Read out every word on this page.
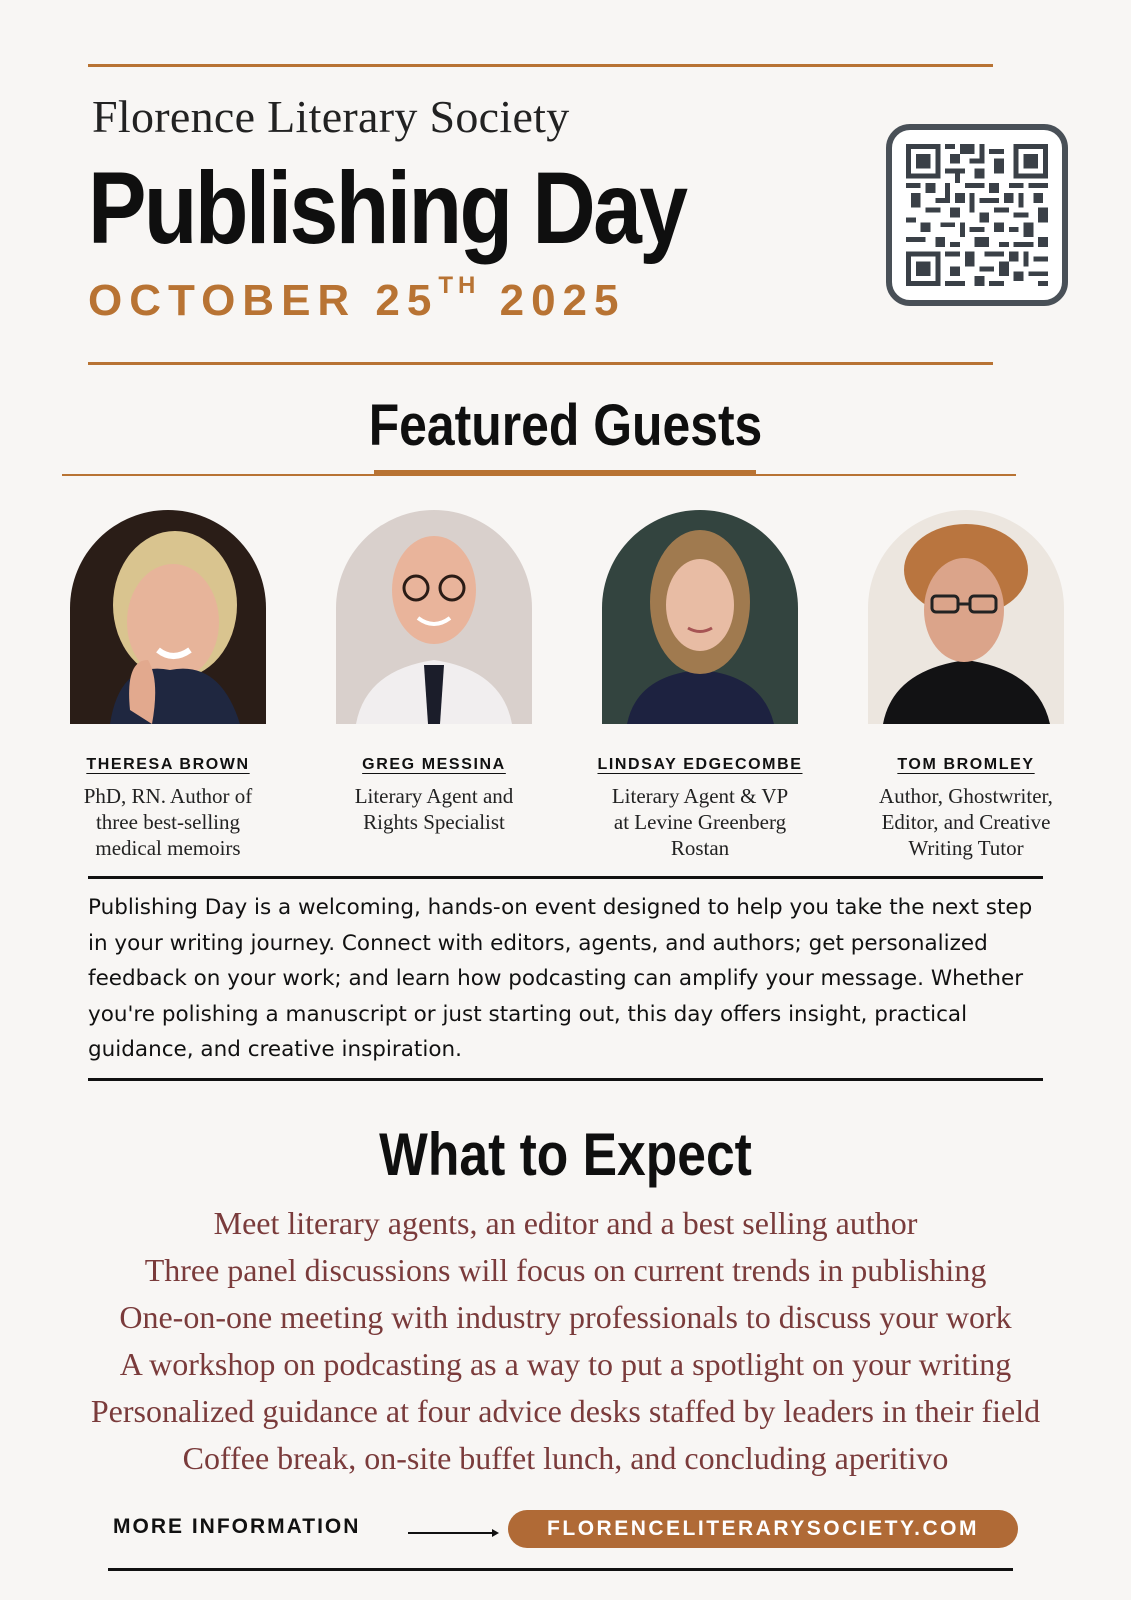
Florence Literary Society
Publishing Day
OCTOBER 25TH 2025
Featured Guests
THERESA BROWN
PhD, RN. Author of
three best-selling
medical memoirs
GREG MESSINA
Literary Agent and
Rights Specialist
LINDSAY EDGECOMBE
Literary Agent & VP
at Levine Greenberg
Rostan
TOM BROMLEY
Author, Ghostwriter,
Editor, and Creative
Writing Tutor
Publishing Day is a welcoming, hands-on event designed to help you take the next step in your writing journey. Connect with editors, agents, and authors; get personalized feedback on your work; and learn how podcasting can amplify your message. Whether you're polishing a manuscript or just starting out, this day offers insight, practical guidance, and creative inspiration.
What to Expect
Meet literary agents, an editor and a best selling author
Three panel discussions will focus on current trends in publishing
One-on-one meeting with industry professionals to discuss your work
A workshop on podcasting as a way to put a spotlight on your writing
Personalized guidance at four advice desks staffed by leaders in their field
Coffee break, on-site buffet lunch, and concluding aperitivo
MORE INFORMATION	FLORENCELITERARYSOCIETY.COM
